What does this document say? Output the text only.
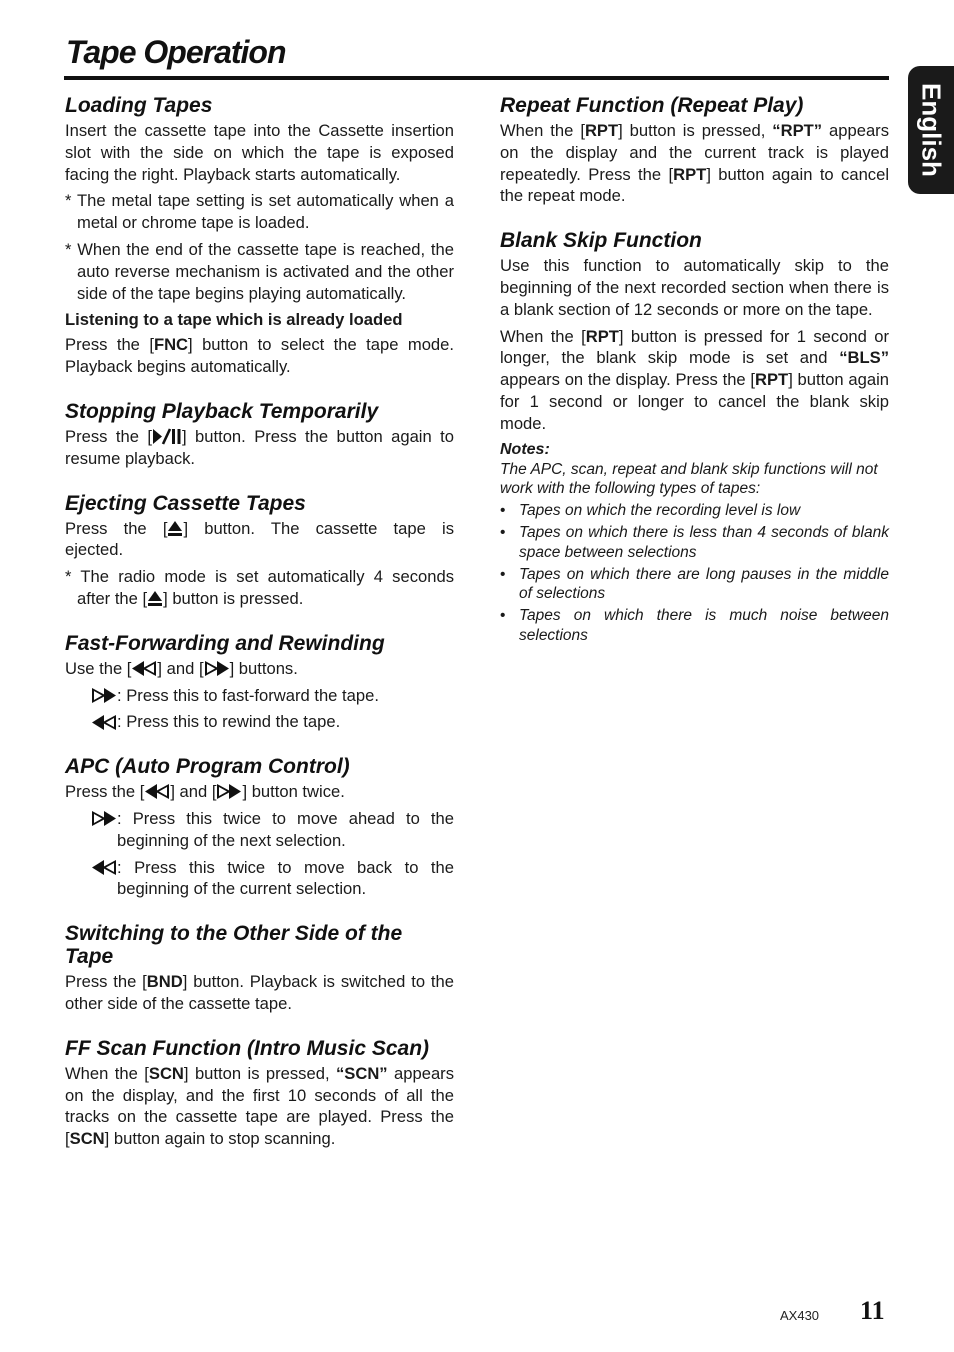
Tape Operation
English
Loading Tapes

Insert the cassette tape into the Cassette insertion slot with the side on which the tape is exposed facing the right. Playback starts automatically.

* The metal tape setting is set automatically when a metal or chrome tape is loaded.

* When the end of the cassette tape is reached, the auto reverse mechanism is activated and the other side of the tape begins playing automatically.

Listening to a tape which is already loaded

Press the [FNC] button to select the tape mode. Playback begins automatically.

Stopping Playback Temporarily

Press the [ ] button. Press the button again to resume playback.

Ejecting Cassette Tapes

Press the [ ] button. The cassette tape is ejected.

* The radio mode is set automatically 4 seconds after the [ ] button is pressed.

Fast-Forwarding and Rewinding

Use the [ ] and [ ] buttons.

: Press this to fast-forward the tape.
: Press this to rewind the tape.
APC (Auto Program Control)

Press the [ ] and [ ] button twice.

: Press this twice to move ahead to the beginning of the next selection.
: Press this twice to move back to the beginning of the current selection.
Switching to the Other Side of the Tape

Press the [BND] button. Playback is switched to the other side of the cassette tape.

FF Scan Function (Intro Music Scan)

When the [SCN] button is pressed, “SCN” appears on the display, and the first 10 seconds of all the tracks on the cassette tape are played. Press the [SCN] button again to stop scanning.

Repeat Function (Repeat Play)

When the [RPT] button is pressed, “RPT” appears on the display and the current track is played repeatedly. Press the [RPT] button again to cancel the repeat mode.

Blank Skip Function

Use this function to automatically skip to the beginning of the next recorded section when there is a blank section of 12 seconds or more on the tape.

When the [RPT] button is pressed for 1 second or longer, the blank skip mode is set and “BLS” appears on the display. Press the [RPT] button again for 1 second or longer to cancel the blank skip mode.

Notes:
The APC, scan, repeat and blank skip functions will not work with the following types of tapes:
• Tapes on which the recording level is low
• Tapes on which there is less than 4 seconds of blank space between selections
• Tapes on which there are long pauses in the middle of selections
• Tapes on which there is much noise between selections
AX430 11
